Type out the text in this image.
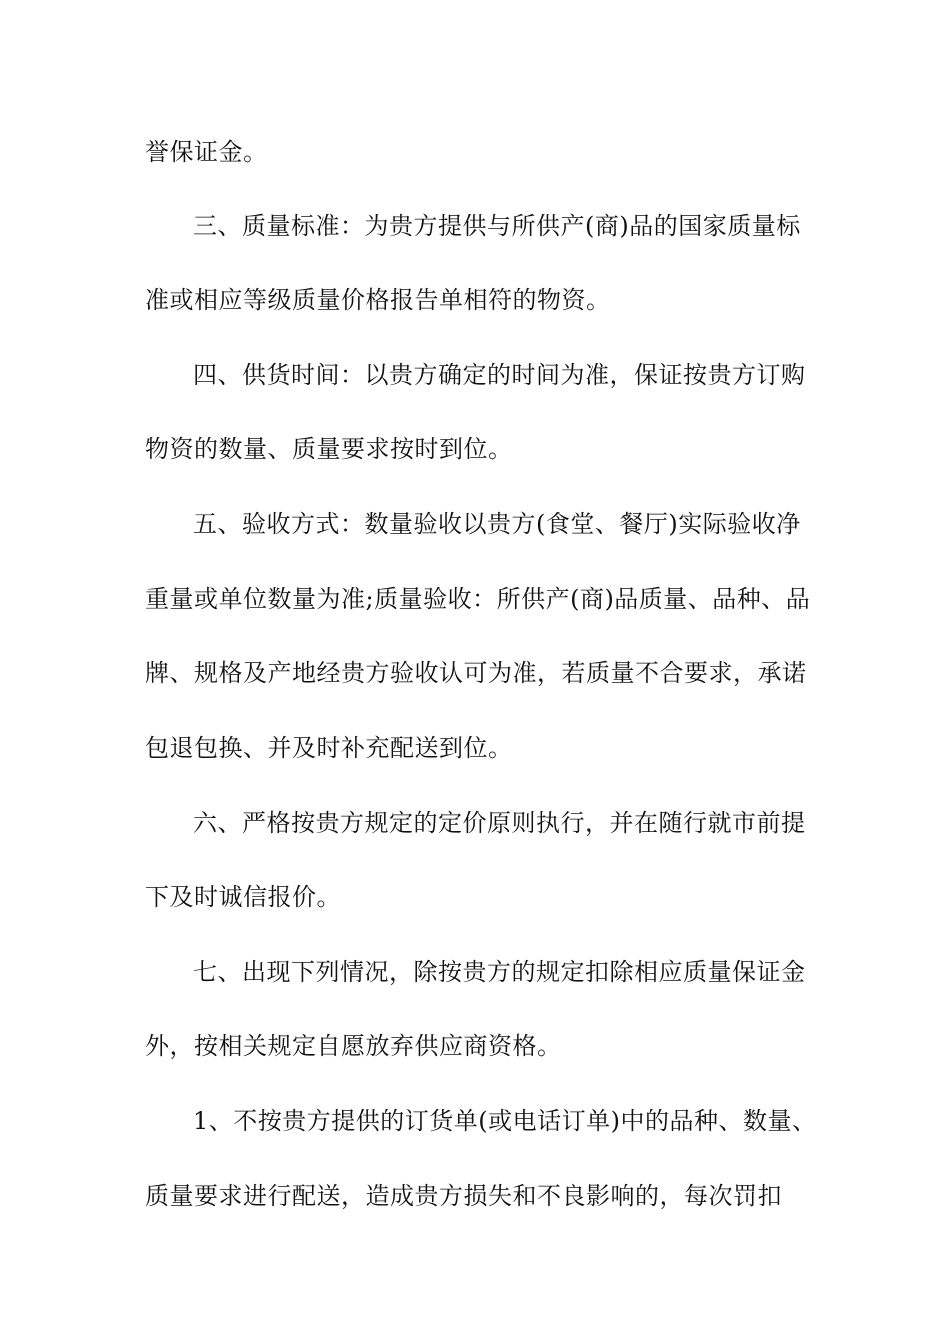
誉保证金。
三、质量标准：为贵方提供与所供产(商)品的国家质量标
准或相应等级质量价格报告单相符的物资。
四、供货时间：以贵方确定的时间为准，保证按贵方订购
物资的数量、质量要求按时到位。
五、验收方式：数量验收以贵方(食堂、餐厅)实际验收净
重量或单位数量为准;质量验收：所供产(商)品质量、品种、品
牌、规格及产地经贵方验收认可为准，若质量不合要求，承诺
包退包换、并及时补充配送到位。
六、严格按贵方规定的定价原则执行，并在随行就市前提
下及时诚信报价。
七、出现下列情况，除按贵方的规定扣除相应质量保证金
外，按相关规定自愿放弃供应商资格。
1、不按贵方提供的订货单(或电话订单)中的品种、数量、
质量要求进行配送，造成贵方损失和不良影响的，每次罚扣
